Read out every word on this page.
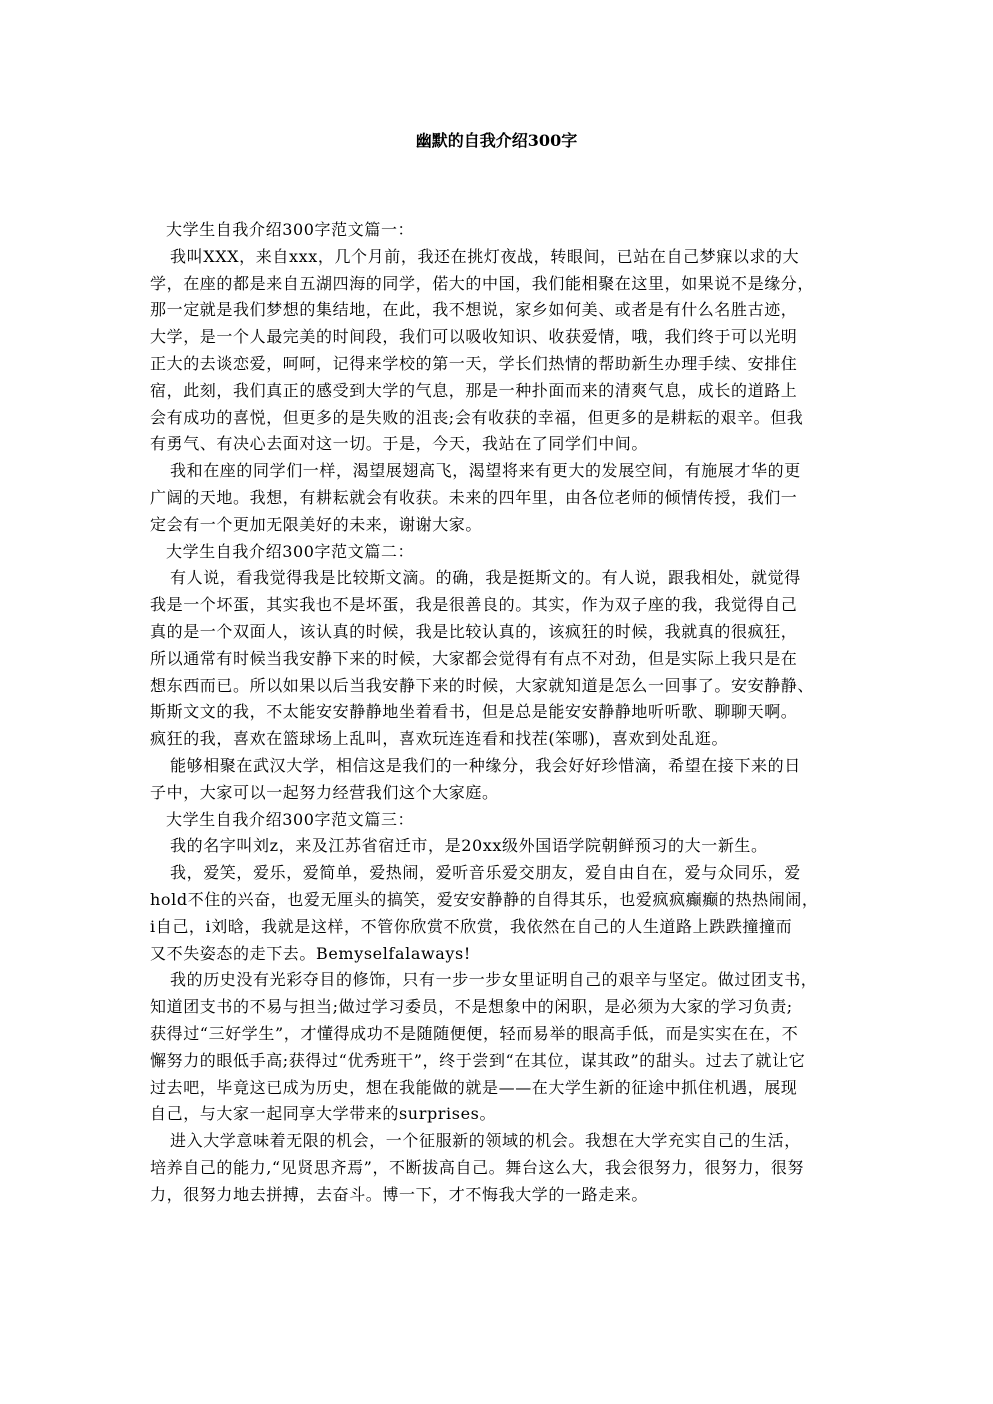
幽默的自我介绍300字
大学生自我介绍300字范文篇一：
我叫XXX，来自xxx，几个月前，我还在挑灯夜战，转眼间，已站在自己梦寐以求的大
学，在座的都是来自五湖四海的同学，偌大的中国，我们能相聚在这里，如果说不是缘分，
那一定就是我们梦想的集结地，在此，我不想说，家乡如何美、或者是有什么名胜古迹，
大学，是一个人最完美的时间段，我们可以吸收知识、收获爱情，哦，我们终于可以光明
正大的去谈恋爱，呵呵，记得来学校的第一天，学长们热情的帮助新生办理手续、安排住
宿，此刻，我们真正的感受到大学的气息，那是一种扑面而来的清爽气息，成长的道路上
会有成功的喜悦，但更多的是失败的沮丧;会有收获的幸福，但更多的是耕耘的艰辛。但我
有勇气、有决心去面对这一切。于是，今天，我站在了同学们中间。
我和在座的同学们一样，渴望展翅高飞，渴望将来有更大的发展空间，有施展才华的更
广阔的天地。我想，有耕耘就会有收获。未来的四年里，由各位老师的倾情传授，我们一
定会有一个更加无限美好的未来，谢谢大家。
大学生自我介绍300字范文篇二：
有人说，看我觉得我是比较斯文滴。的确，我是挺斯文的。有人说，跟我相处，就觉得
我是一个坏蛋，其实我也不是坏蛋，我是很善良的。其实，作为双子座的我，我觉得自己
真的是一个双面人，该认真的时候，我是比较认真的，该疯狂的时候，我就真的很疯狂，
所以通常有时候当我安静下来的时候，大家都会觉得有有点不对劲，但是实际上我只是在
想东西而已。所以如果以后当我安静下来的时候，大家就知道是怎么一回事了。安安静静、
斯斯文文的我，不太能安安静静地坐着看书，但是总是能安安静静地听听歌、聊聊天啊。
疯狂的我，喜欢在篮球场上乱叫，喜欢玩连连看和找茬(笨哪)，喜欢到处乱逛。
能够相聚在武汉大学，相信这是我们的一种缘分，我会好好珍惜滴，希望在接下来的日
子中，大家可以一起努力经营我们这个大家庭。
大学生自我介绍300字范文篇三：
我的名字叫刘z，来及江苏省宿迁市，是20xx级外国语学院朝鲜预习的大一新生。
我，爱笑，爱乐，爱简单，爱热闹，爱听音乐爱交朋友，爱自由自在，爱与众同乐，爱
hold不住的兴奋，也爱无厘头的搞笑，爱安安静静的自得其乐，也爱疯疯癫癫的热热闹闹，
i自己，i刘晗，我就是这样，不管你欣赏不欣赏，我依然在自己的人生道路上跌跌撞撞而
又不失姿态的走下去。Bemyselfalaways!
我的历史没有光彩夺目的修饰，只有一步一步女里证明自己的艰辛与坚定。做过团支书，
知道团支书的不易与担当;做过学习委员，不是想象中的闲职，是必须为大家的学习负责;
获得过“三好学生”，才懂得成功不是随随便便，轻而易举的眼高手低，而是实实在在，不
懈努力的眼低手高;获得过“优秀班干”，终于尝到“在其位，谋其政”的甜头。过去了就让它
过去吧，毕竟这已成为历史，想在我能做的就是——在大学生新的征途中抓住机遇，展现
自己，与大家一起同享大学带来的surprises。
进入大学意味着无限的机会，一个征服新的领域的机会。我想在大学充实自己的生活，
培养自己的能力,“见贤思齐焉”，不断拔高自己。舞台这么大，我会很努力，很努力，很努
力，很努力地去拼搏，去奋斗。博一下，才不悔我大学的一路走来。
